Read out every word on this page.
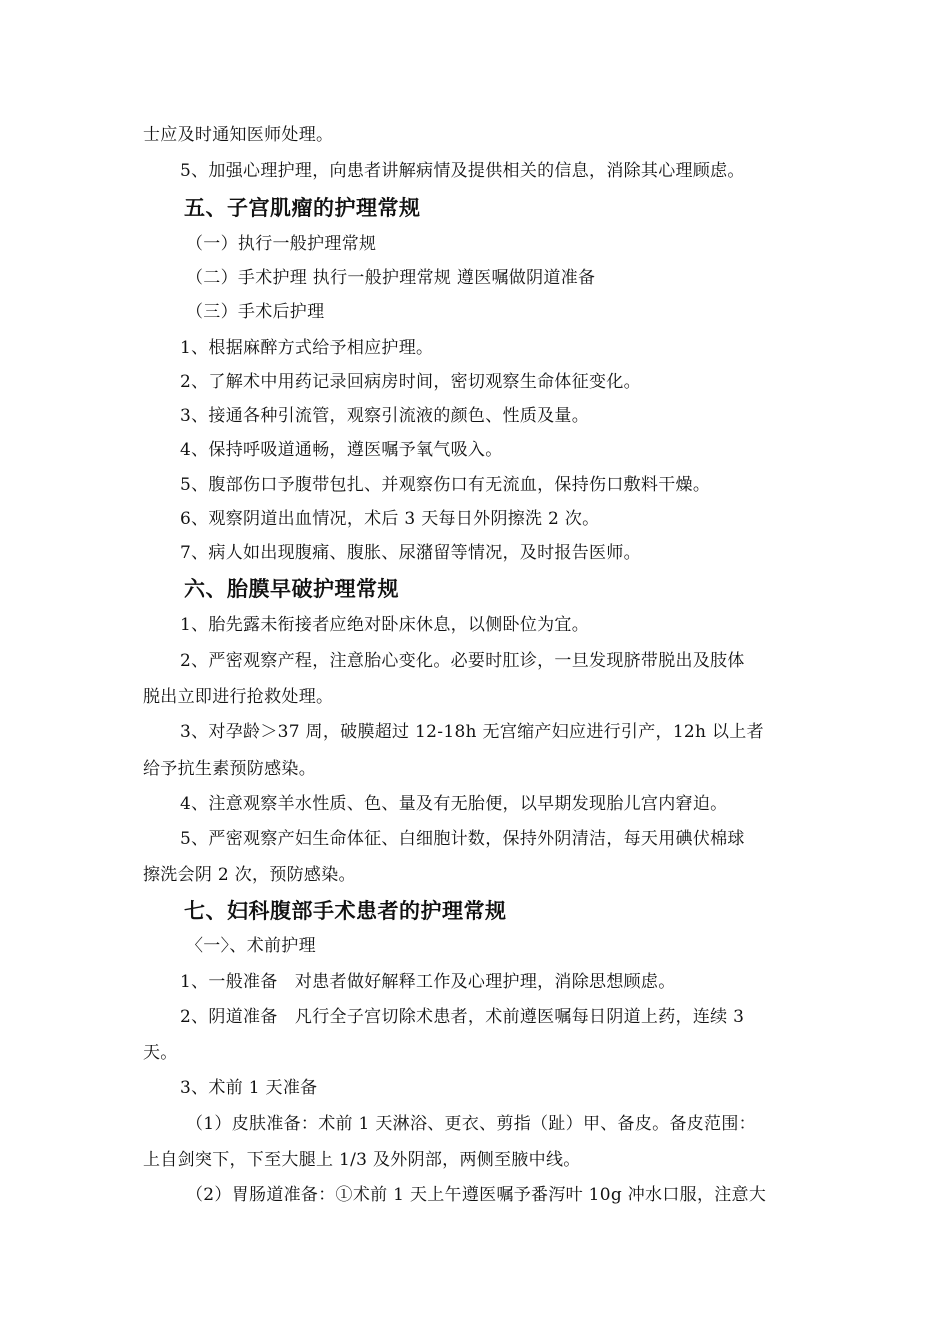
士应及时通知医师处理。
5、加强心理护理，向患者讲解病情及提供相关的信息，消除其心理顾虑。
五、子宫肌瘤的护理常规
（一）执行一般护理常规
（二）手术护理 执行一般护理常规 遵医嘱做阴道准备
（三）手术后护理
1、根据麻醉方式给予相应护理。
2、了解术中用药记录回病房时间，密切观察生命体征变化。
3、接通各种引流管，观察引流液的颜色、性质及量。
4、保持呼吸道通畅，遵医嘱予氧气吸入。
5、腹部伤口予腹带包扎、并观察伤口有无流血，保持伤口敷料干燥。
6、观察阴道出血情况，术后 3 天每日外阴擦洗 2 次。
7、病人如出现腹痛、腹胀、尿潴留等情况，及时报告医师。
六、胎膜早破护理常规
1、胎先露未衔接者应绝对卧床休息，以侧卧位为宜。
2、严密观察产程，注意胎心变化。必要时肛诊，一旦发现脐带脱出及肢体
脱出立即进行抢救处理。
3、对孕龄＞37 周，破膜超过 12-18h 无宫缩产妇应进行引产，12h 以上者
给予抗生素预防感染。
4、注意观察羊水性质、色、量及有无胎便，以早期发现胎儿宫内窘迫。
5、严密观察产妇生命体征、白细胞计数，保持外阴清洁，每天用碘伏棉球
擦洗会阴 2 次，预防感染。
七、妇科腹部手术患者的护理常规
〈一〉、术前护理
1、一般准备　对患者做好解释工作及心理护理，消除思想顾虑。
2、阴道准备　凡行全子宫切除术患者，术前遵医嘱每日阴道上药，连续 3
天。
3、术前 1 天准备
（1）皮肤准备：术前 1 天淋浴、更衣、剪指（趾）甲、备皮。备皮范围：
上自剑突下，下至大腿上 1/3 及外阴部，两侧至腋中线。
（2）胃肠道准备：①术前 1 天上午遵医嘱予番泻叶 10g 冲水口服，注意大
